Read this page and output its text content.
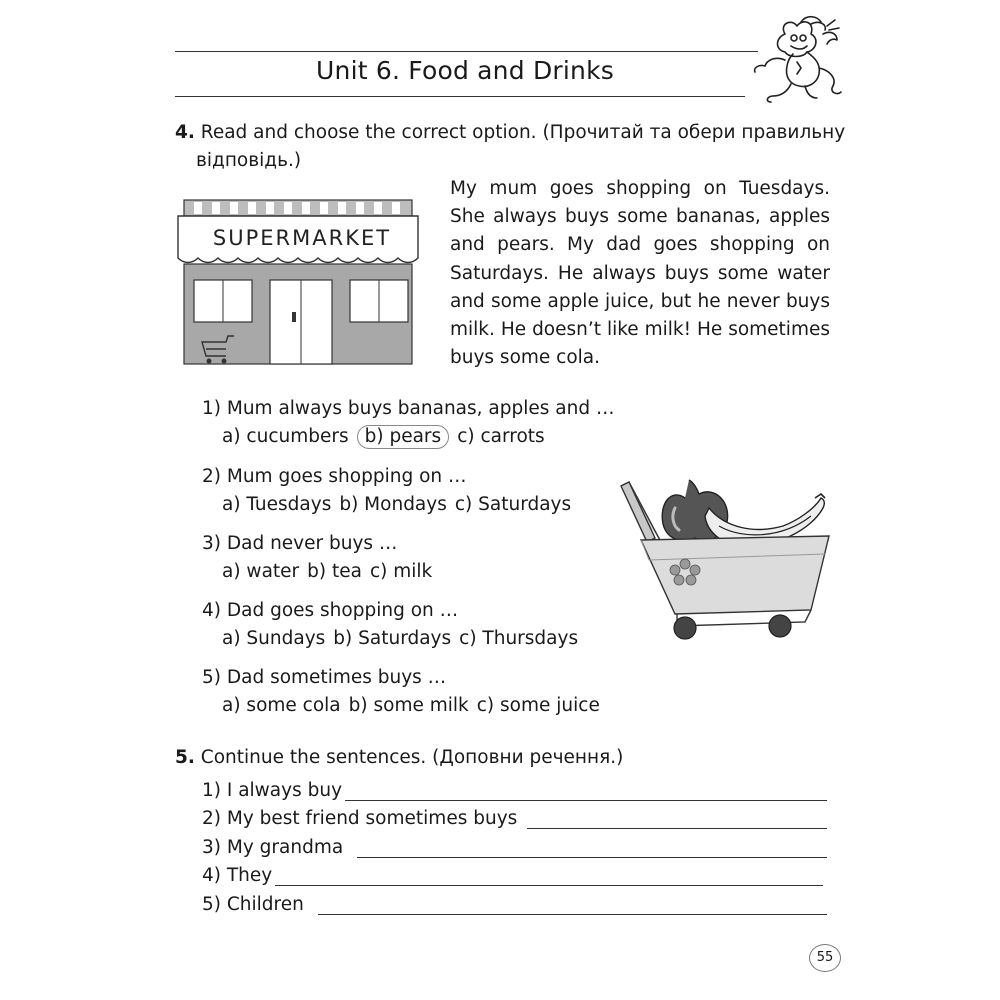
Unit 6. Food and Drinks
4. Read and choose the correct option. (Прочитай та обери правильну
відповідь.)
SUPERMARKET
My mum goes shopping on Tuesdays. She always buys some bananas, apples and pears. My dad goes shopping on Saturdays. He always buys some water and some apple juice, but he never buys milk. He doesn’t like milk! He sometimes buys some cola.
1) Mum always buys bananas, apples and …
a) cucumbers b) pears c) carrots
2) Mum goes shopping on …
a) Tuesdays b) Mondays c) Saturdays
3) Dad never buys …
a) water b) tea c) milk
4) Dad goes shopping on …
a) Sundays b) Saturdays c) Thursdays
5) Dad sometimes buys …
a) some cola b) some milk c) some juice
5. Continue the sentences. (Доповни речення.)
1) I always buy
2) My best friend sometimes buys
3) My grandma
4) They
5) Children
55
